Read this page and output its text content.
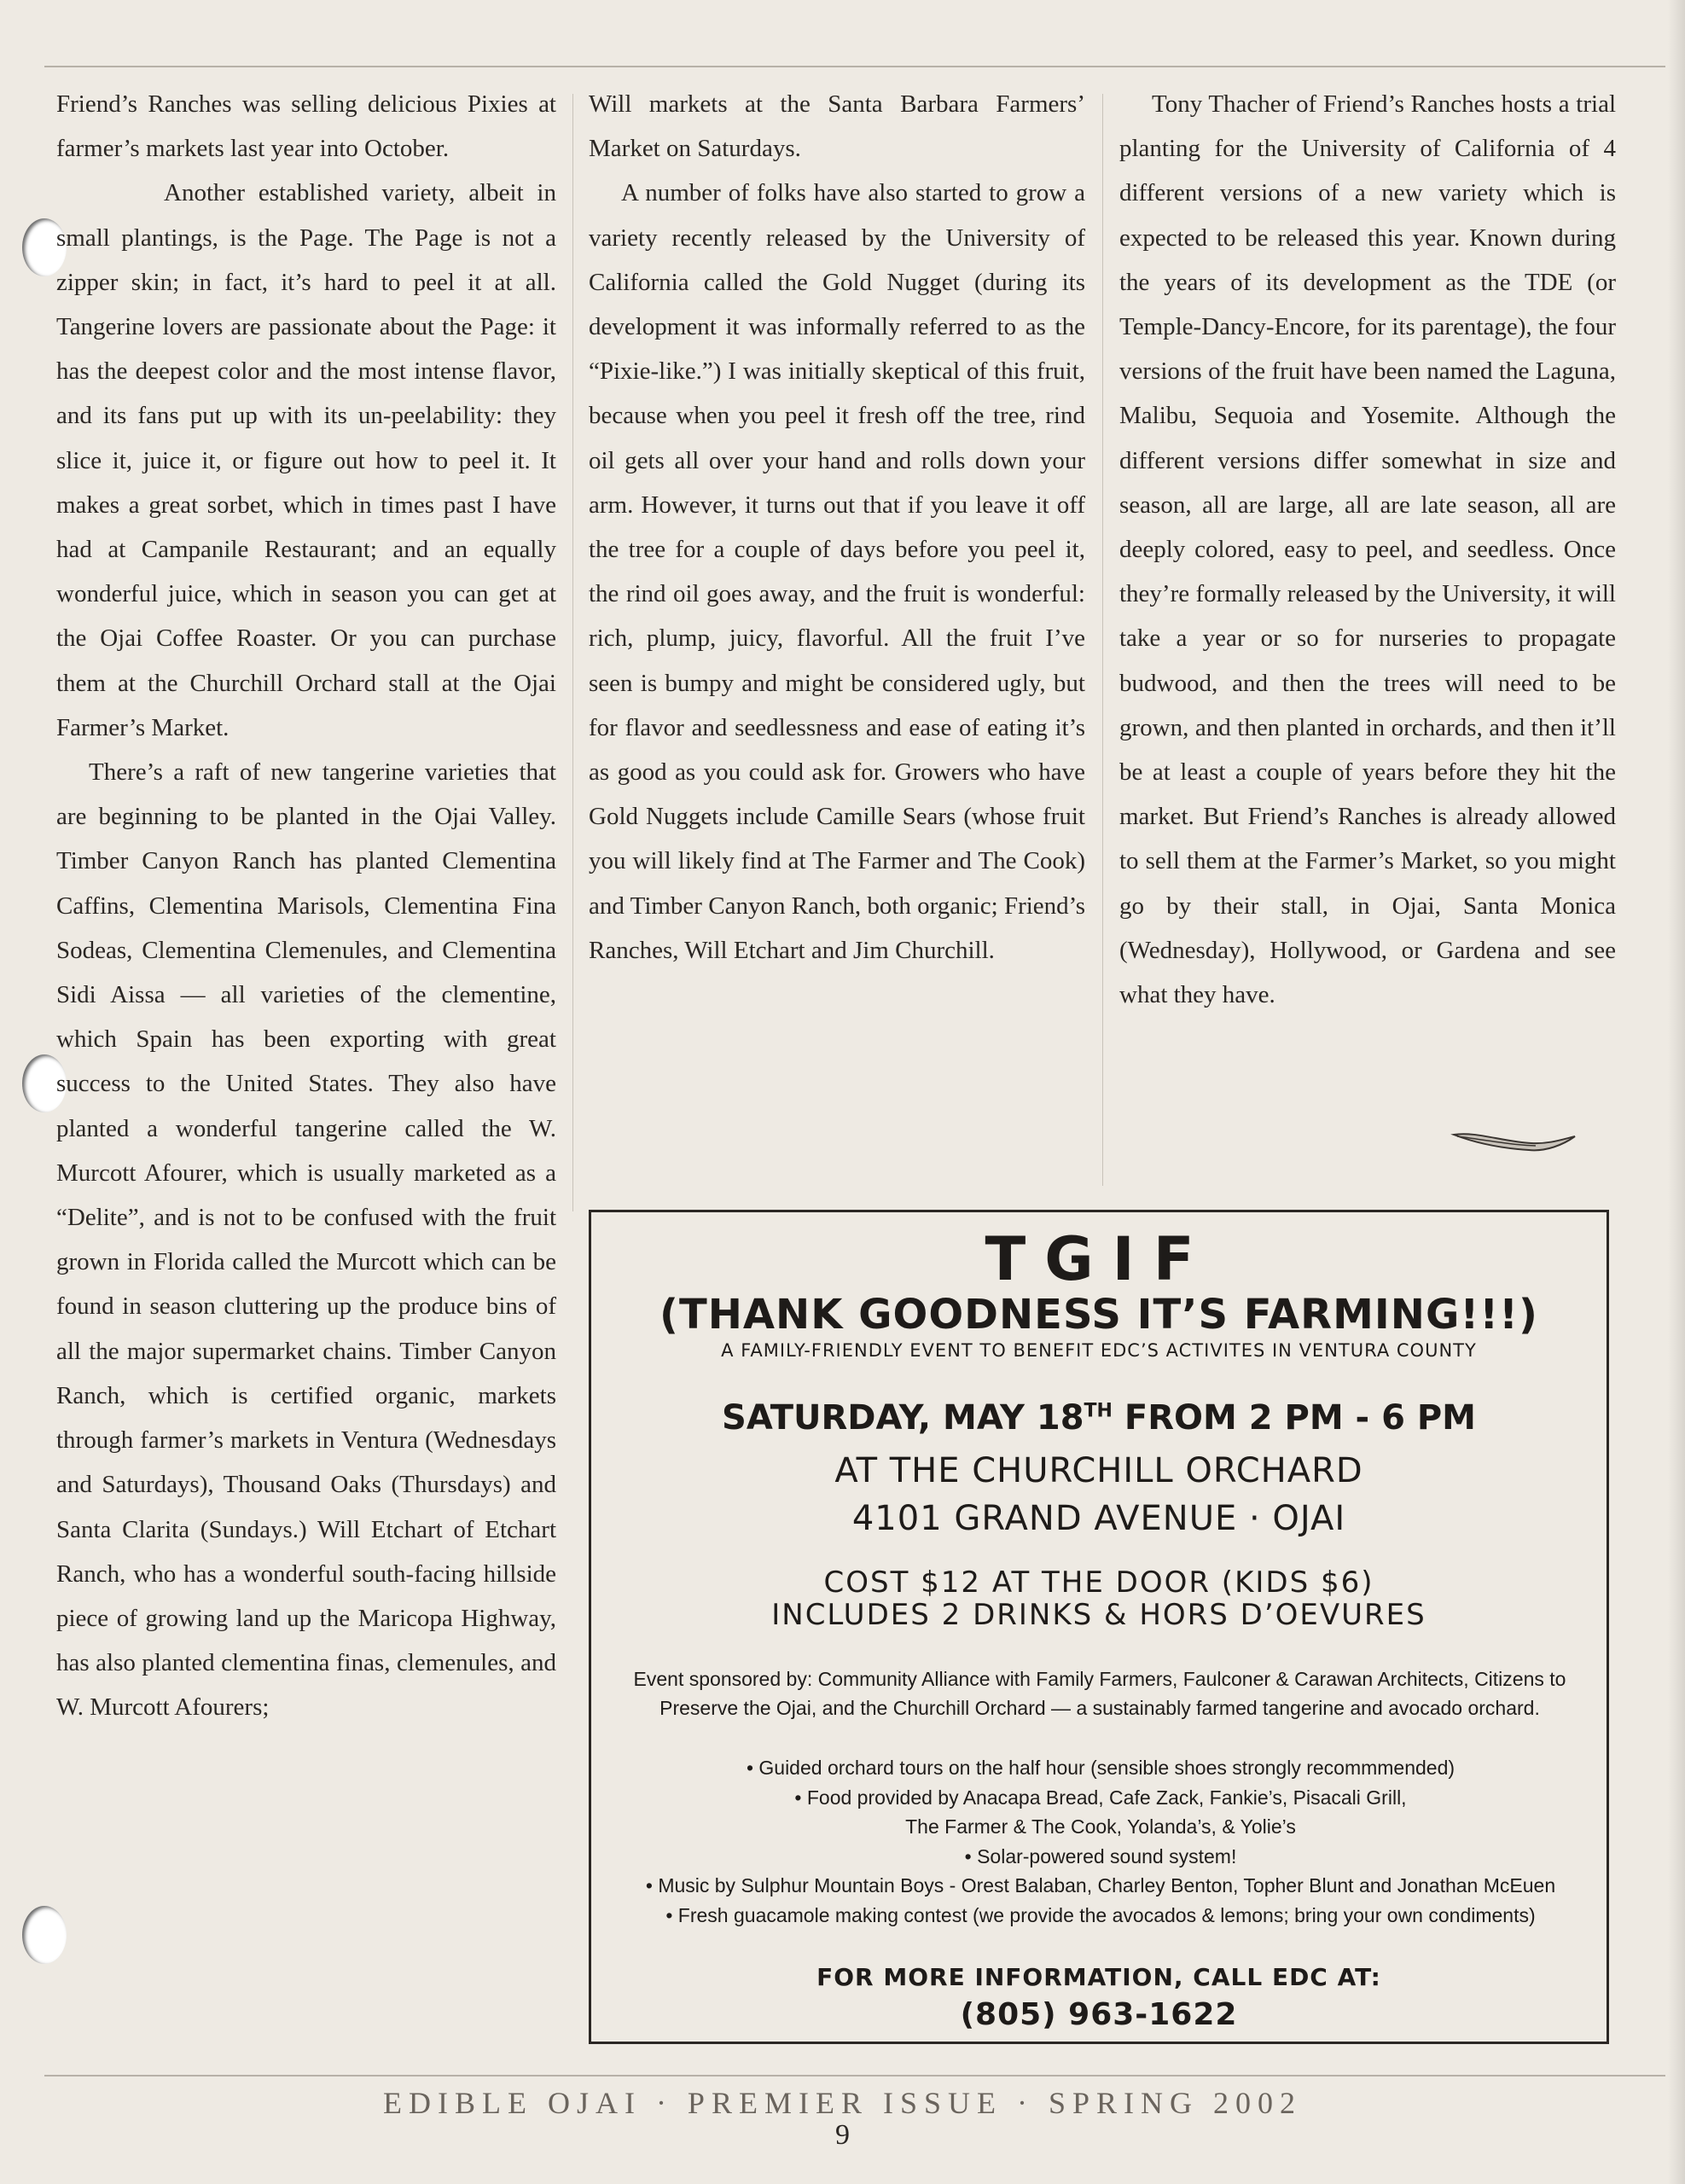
Friend’s Ranches was selling delicious Pixies at farmer’s markets last year into October.

Another established variety, albeit in small plantings, is the Page. The Page is not a zipper skin; in fact, it’s hard to peel it at all. Tangerine lovers are passionate about the Page: it has the deepest color and the most intense flavor, and its fans put up with its un-peelability: they slice it, juice it, or figure out how to peel it. It makes a great sorbet, which in times past I have had at Campanile Restaurant; and an equally wonderful juice, which in season you can get at the Ojai Coffee Roaster. Or you can purchase them at the Churchill Orchard stall at the Ojai Farmer’s Market.

There’s a raft of new tangerine varieties that are beginning to be planted in the Ojai Valley. Timber Canyon Ranch has planted Clementina Caffins, Clementina Marisols, Clementina Fina Sodeas, Clementina Clemenules, and Clementina Sidi Aissa — all varieties of the clementine, which Spain has been exporting with great success to the United States. They also have planted a wonderful tangerine called the W. Murcott Afourer, which is usually marketed as a “Delite”, and is not to be confused with the fruit grown in Florida called the Murcott which can be found in season cluttering up the produce bins of all the major supermarket chains. Timber Canyon Ranch, which is certified organic, markets through farmer’s markets in Ventura (Wednesdays and Saturdays), Thousand Oaks (Thursdays) and Santa Clarita (Sundays.) Will Etchart of Etchart Ranch, who has a wonderful south-facing hillside piece of growing land up the Maricopa Highway, has also planted clementina finas, clemenules, and W. Murcott Afourers;

Will markets at the Santa Barbara Farmers’ Market on Saturdays.

A number of folks have also started to grow a variety recently released by the University of California called the Gold Nugget (during its development it was informally referred to as the “Pixie-like.”) I was initially skeptical of this fruit, because when you peel it fresh off the tree, rind oil gets all over your hand and rolls down your arm. However, it turns out that if you leave it off the tree for a couple of days before you peel it, the rind oil goes away, and the fruit is wonderful: rich, plump, juicy, flavorful. All the fruit I’ve seen is bumpy and might be considered ugly, but for flavor and seedlessness and ease of eating it’s as good as you could ask for. Growers who have Gold Nuggets include Camille Sears (whose fruit you will likely find at The Farmer and The Cook) and Timber Canyon Ranch, both organic; Friend’s Ranches, Will Etchart and Jim Churchill.

Tony Thacher of Friend’s Ranches hosts a trial planting for the University of California of 4 different versions of a new variety which is expected to be released this year. Known during the years of its development as the TDE (or Temple-Dancy-Encore, for its parentage), the four versions of the fruit have been named the Laguna, Malibu, Sequoia and Yosemite. Although the different versions differ somewhat in size and season, all are large, all are late season, all are deeply colored, easy to peel, and seedless. Once they’re formally released by the University, it will take a year or so for nurseries to propagate budwood, and then the trees will need to be grown, and then planted in orchards, and then it’ll be at least a couple of years before they hit the market. But Friend’s Ranches is already allowed to sell them at the Farmer’s Market, so you might go by their stall, in Ojai, Santa Monica (Wednesday), Hollywood, or Gardena and see what they have.

TGIF
(THANK GOODNESS IT’S FARMING!!!)
A FAMILY-FRIENDLY EVENT TO BENEFIT EDC’S ACTIVITES IN VENTURA COUNTY
SATURDAY, MAY 18TH FROM 2 PM - 6 PM
AT THE CHURCHILL ORCHARD
4101 GRAND AVENUE · OJAI
COST $12 AT THE DOOR (KIDS $6)
INCLUDES 2 DRINKS & HORS D’OEVURES
Event sponsored by: Community Alliance with Family Farmers, Faulconer & Carawan Architects, Citizens to Preserve the Ojai, and the Churchill Orchard — a sustainably farmed tangerine and avocado orchard.
• Guided orchard tours on the half hour (sensible shoes strongly recommmended)
• Food provided by Anacapa Bread, Cafe Zack, Fankie’s, Pisacali Grill,
The Farmer & The Cook, Yolanda’s, & Yolie’s
• Solar-powered sound system!
• Music by Sulphur Mountain Boys - Orest Balaban, Charley Benton, Topher Blunt and Jonathan McEuen
• Fresh guacamole making contest (we provide the avocados & lemons; bring your own condiments)
FOR MORE INFORMATION, CALL EDC AT:
(805) 963-1622
EDIBLE OJAI · PREMIER ISSUE · SPRING 2002
9
